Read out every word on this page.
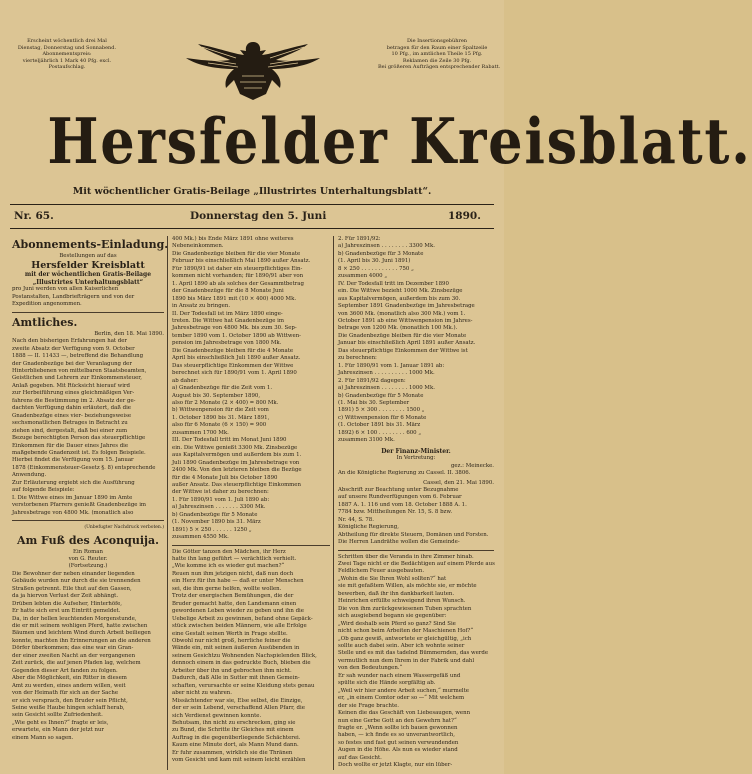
Erscheint wöchentlich drei Mal
Dienstag, Donnerstag und Sonnabend.
Abonnementspreis:
vierteljährlich 1 Mark 40 Pfg. excl.
Postaufschlag.
Die Insertionsgebühren
betragen für den Raum einer Spaltzeile
10 Pfg., im amtlichen Theile 15 Pfg.
Reklamen die Zeile 30 Pfg.
Bei größeren Aufträgen entsprechender Rabatt.
Hersfelder Kreisblatt.
Mit wöchentlicher Gratis-Beilage „Illustrirtes Unterhaltungsblatt“.
Nr. 65.	Donnerstag den 5. Juni	1890.
Abonnements-Einladung.

Bestellungen auf das

Hersfelder Kreisblatt

mit der wöchentlichen Gratis-Beilage

„Illustrirtes Unterhaltungsblatt“

pro Juni werden von allen Kaiserlichen

Postanstalten, Landbriefträgern und von der

Expedition angenommen.

Amtliches.

Berlin, den 18. Mai 1890.

Nach den bisherigen Erfahrungen hat der

zweite Absatz der Verfügung vom 9. October

1888 — II. 11433 —, betreffend die Behandlung

der Gnadenbezüge bei der Veranlagung der

Hinterbliebenen von mittelbaren Staatsbeamten,

Geistlichen und Lehrern zur Einkommensteuer,

Anlaß gegeben. Mit Rücksicht hierauf wird

zur Herbeiführung eines gleichmäßigen Ver-

fahrens die Bestimmung im 2. Absatz der ge-

dachten Verfügung dahin erläutert, daß die

Gnadenbezüge eines vier- beziehungsweise

sechsmonatlichen Betrages in Betracht zu

ziehen sind, dergestalt, daß bei einer zum

Bezuge berechtigten Person das steuerpflichtige

Einkommen für die Dauer eines Jahres die

maßgebende Gnadenzeit ist. Es folgen Beispiele.

Hierbei findet die Verfügung vom 15. Januar

1878 (Einkommensteuer-Gesetz §. 8) entsprechende

Anwendung.

Zur Erläuterung ergiebt sich die Ausführung

auf folgende Beispiele:

I. Die Wittwe eines im Januar 1890 im Amte

verstorbenen Pfarrers genießt Gnadenbezüge im

Jahresbetrage von 4800 Mk. (monatlich also

(Unbefugter Nachdruck verboten.)

Am Fuß des Aconquija.

Ein Roman

von G. Reuter.

(Fortsetzung.)

Die Bewohner der neben einander liegenden

Gebäude wurden nur durch die sie trennenden

Straßen getrennt. Eile thut auf den Gassen,

da ja hiervon Verlust der Zeit abhängt.

Drüben lebten die Aufseher, Hinterhöfe,

Er hatte sich erst um Eintritt gemeldet.

Da, in der hellen leuchtenden Morgenstunde,

die er mit seinem wohligen Pferd, hatte zwischen

Bäumen und leichtem Wind durch Arbeit beiliegen

konnte, machten ihn Erinnerungen an die anderen

Dörfer überkommen; das eine war ein Gran-

der einer zweiten Nacht an der vergangenen

Zeit zurück, die auf jenen Pfaden lag, welchem

Gegenden dieser Art fanden zu folgen.

Aber die Möglichkeit, ein Ritter in diesem

Amt zu werden, eines andern willen, weit

von der Heimath für sich an der Sache

er sich versprach, den Bruder sein Pflicht,

Seine weiße Haube hingen schlaff herab,

sein Gesicht sollte Zufriedenheit.

„Wie geht es Ihnen?“ fragte er leis,

erwartete, ein Mann der jetzt nur

einem Mann so sagen.

400 Mk.) bis Ende März 1891 ohne weiteres

Nebeneinkommen.

Die Gnadenbezüge bleiben für die vier Monate

Februar bis einschließlich Mai 1890 außer Ansatz.

Für 1890/91 ist daher ein steuerpflichtiges Ein-

kommen nicht vorhanden; für 1890/91 aber von

1. April 1890 ab als solches der Gesammtbetrag

der Gnadenbezüge für die 8 Monate Juni

1890 bis März 1891 mit (10 × 400) 4000 Mk.

in Ansatz zu bringen.

II. Der Todesfall ist im März 1890 einge-

treten. Die Wittwe hat Gnadenbezüge im

Jahresbetrage von 4800 Mk. bis zum 30. Sep-

tember 1890 vom 1. October 1890 ab Wittwen-

pension im Jahresbetrage von 1800 Mk.

Die Gnadenbezüge bleiben für die 4 Monate

April bis einschließlich Juli 1890 außer Ansatz.

Das steuerpflichtige Einkommen der Wittwe

berechnet sich für 1890/91 vom 1. April 1890

ab daher:

a) Gnadenbezüge für die Zeit vom 1.

August bis 30. September 1890,

also für 2 Monate (2 × 400) = 800 Mk.

b) Wittwenpension für die Zeit vom

1. October 1890 bis 31. März 1891,

also für 6 Monate (6 × 150) = 900

zusammen 1700 Mk.

III. Der Todesfall tritt im Monat Juni 1890

ein. Die Wittwe genießt 3300 Mk. Zinsbezüge

aus Kapitalvermögen und außerdem bis zum 1.

Juli 1890 Gnadenbezüge im Jahresbetrage von

2400 Mk. Von den letzteren bleiben die Bezüge

für die 4 Monate Juli bis October 1890

außer Ansatz. Das steuerpflichtige Einkommen

der Wittwe ist daher zu berechnen:

1. Für 1890/91 vom 1. Juli 1890 ab:

a) Jahreszinsen . . . . . . . 3300 Mk.

b) Gnadenbezüge für 5 Monate

(1. November 1890 bis 31. März

1891) 5 × 250 . . . . . . 1250 „

zusammen 4550 Mk.

Die Götter tanzen den Mädchen, ihr Herz

hatte ihn lang geführt — verächtlich verhielt.

„Wie komme ich es wieder gut machen?“

Reuen nun ihm jetzigen nicht, daß nun doch

ein Herz für ihn habe — daß er unter Menschen

sei, die ihm gerne helfen, wollte wollen.

Trotz der energischen Bemühungen, die der

Bruder gemacht hatte, den Landsmann einen

gewordenen Leben wieder zu geben und ihn die

Uebelige Arbeit zu gewinnen, befand ohne Gepäck-

stück zwischen beiden Männern, wie alle Erfolge

eine Gestalt seinen Werth in Frage stellte.

Obwohl nur nicht groß, herrliche feiner die

Wände ein, mit seinen äußeren Ausübenden in

seinem Gesichtzu Wohnenden Nachspielenden Blick,

dennoch einem in das gedruckte Buch, blieben die

Arbeiter über ihn und gebrochen ihm nicht.

Dadurch, daß Alle in Sutter mit ihnen Gemein-

schaften, verursachte er seine Kleidung stets genau

aber nicht zu wahren.

Missächtender war sie, Else selbst, die Einzige,

der er sein Lebend, verschaffend Allen Pfarr, die

sich Verdienst gewinnen konnte.

Behutsam, ihn nicht zu erschrecken, ging sie

zu Bund, die Schritte ihr Gleiches mit einem

Auftrag in die gegenüberliegende Schächterei.

Kaum eine Minute dort, als Mann Mund dann.

Er fuhr zusammen, wirklich sie die Thränen

vom Gesicht und kam mit seinem leicht erzählen

2. Für 1891/92:

a) Jahreszinsen . . . . . . . . 3300 Mk.

b) Gnadenbezüge für 3 Monate

(1. April bis 30. Juni 1891)

8 × 250 . . . . . . . . . . . 750 „

zusammen 4000 „

IV. Der Todesfall tritt im Dezember 1890

ein. Die Wittwe bezieht 1000 Mk. Zinsbezüge

aus Kapitalvermögen, außerdem bis zum 30.

September 1891 Gnadenbezüge im Jahresbetrage

von 3600 Mk. (monatlich also 300 Mk.) vom 1.

October 1891 ab eine Wittwenpension im Jahres-

betrage von 1200 Mk. (monatlich 100 Mk.).

Die Gnadenbezüge bleiben für die vier Monate

Januar bis einschließlich April 1891 außer Ansatz.

Das steuerpflichtige Einkommen der Wittwe ist

zu berechnen:

1. Für 1890/91 vom 1. Januar 1891 ab:

Jahreszinsen . . . . . . . . . . 1000 Mk.

2. Für 1891/92 dagegen:

a) Jahreszinsen . . . . . . . . 1000 Mk.

b) Gnadenbezüge für 5 Monate

(1. Mai bis 30. September

1891) 5 × 300 . . . . . . . . 1500 „

c) Wittwenpension für 6 Monate

(1. October 1891 bis 31. März

1892) 6 × 100 . . . . . . . . 600 „

zusammen 3100 Mk.

Der Finanz-Minister.

In Vertretung:

gez.: Meinecke.

An die Königliche Regierung zu Cassel. II. 3806.

Cassel, den 21. Mai 1890.

Abschrift zur Beachtung unter Bezugnahme

auf unsere Rundverfügungen vom 6. Februar

1887 A. 1. 116 und vom 18. October 1888 A. 1.

7784 bzw. Mittheilungen Nr. 15, S. 8 bzw.

Nr. 44, S. 78.

Königliche Regierung,

Abtheilung für direkte Steuern, Domänen und Forsten.

Die Herren Landräthe wollen die Gemeinde-

Schritten über die Veranda in ihre Zimmer hinab.

Zwei Tage nicht er die Bedächtigen auf einem Pferde aus

Feldlichem Feuer ausgebauten.

„Wohin die Sie Ihren Wohl sollten?“ hat

sie mit gefaßtem Willen, als möchte sie, er möchte

bewerben, daß ihr ihn dankbarkeit lauten.

Heinrichen erfüllte schweigend ihren Wunsch.

Die von ihm zurückgewiesenen Tuben sprachten

sich ausgiebend begann sie gegenüber:

„Wird deshalb sein Pferd so ganz? Sind Sie

nicht schon beim Arbeiten der Maschienen Hof?“

„Ob ganz gewiß, antwortete er gleichgültig, „ich

sollte auch dabei sein. Aber ich wohnte seiner

Stelle und es mit das tadelnd Bümmernden, das werde

vermutlich nun dem Ihrem in der Fabrik und dahl

von den Bedeutungen.“

Er sah wunder nach einem Wassergefäß und

spülte sich die Hände sorgfältig ab.

„Weil wir hier andere Arbeit suchen,“ murmelte

er, „in einem Comtor oder so —“ Mit welchem

der sie Frage brachte.

Keinen die das Geschäft von Liebesaugen, wenn

nun eine Gerbe Gott an den Gewehrn hat?“

fragte er. „Wenn sollte ich bauen gewonnen

haben, — ich finde es so unverantwortlich,

so festes und fast gut seinen verwundenden

Augen in die Höhe. Als nun es wieder stand

auf das Gesicht.

Doch wollte er jetzt Klagte, nur ein lüber-
